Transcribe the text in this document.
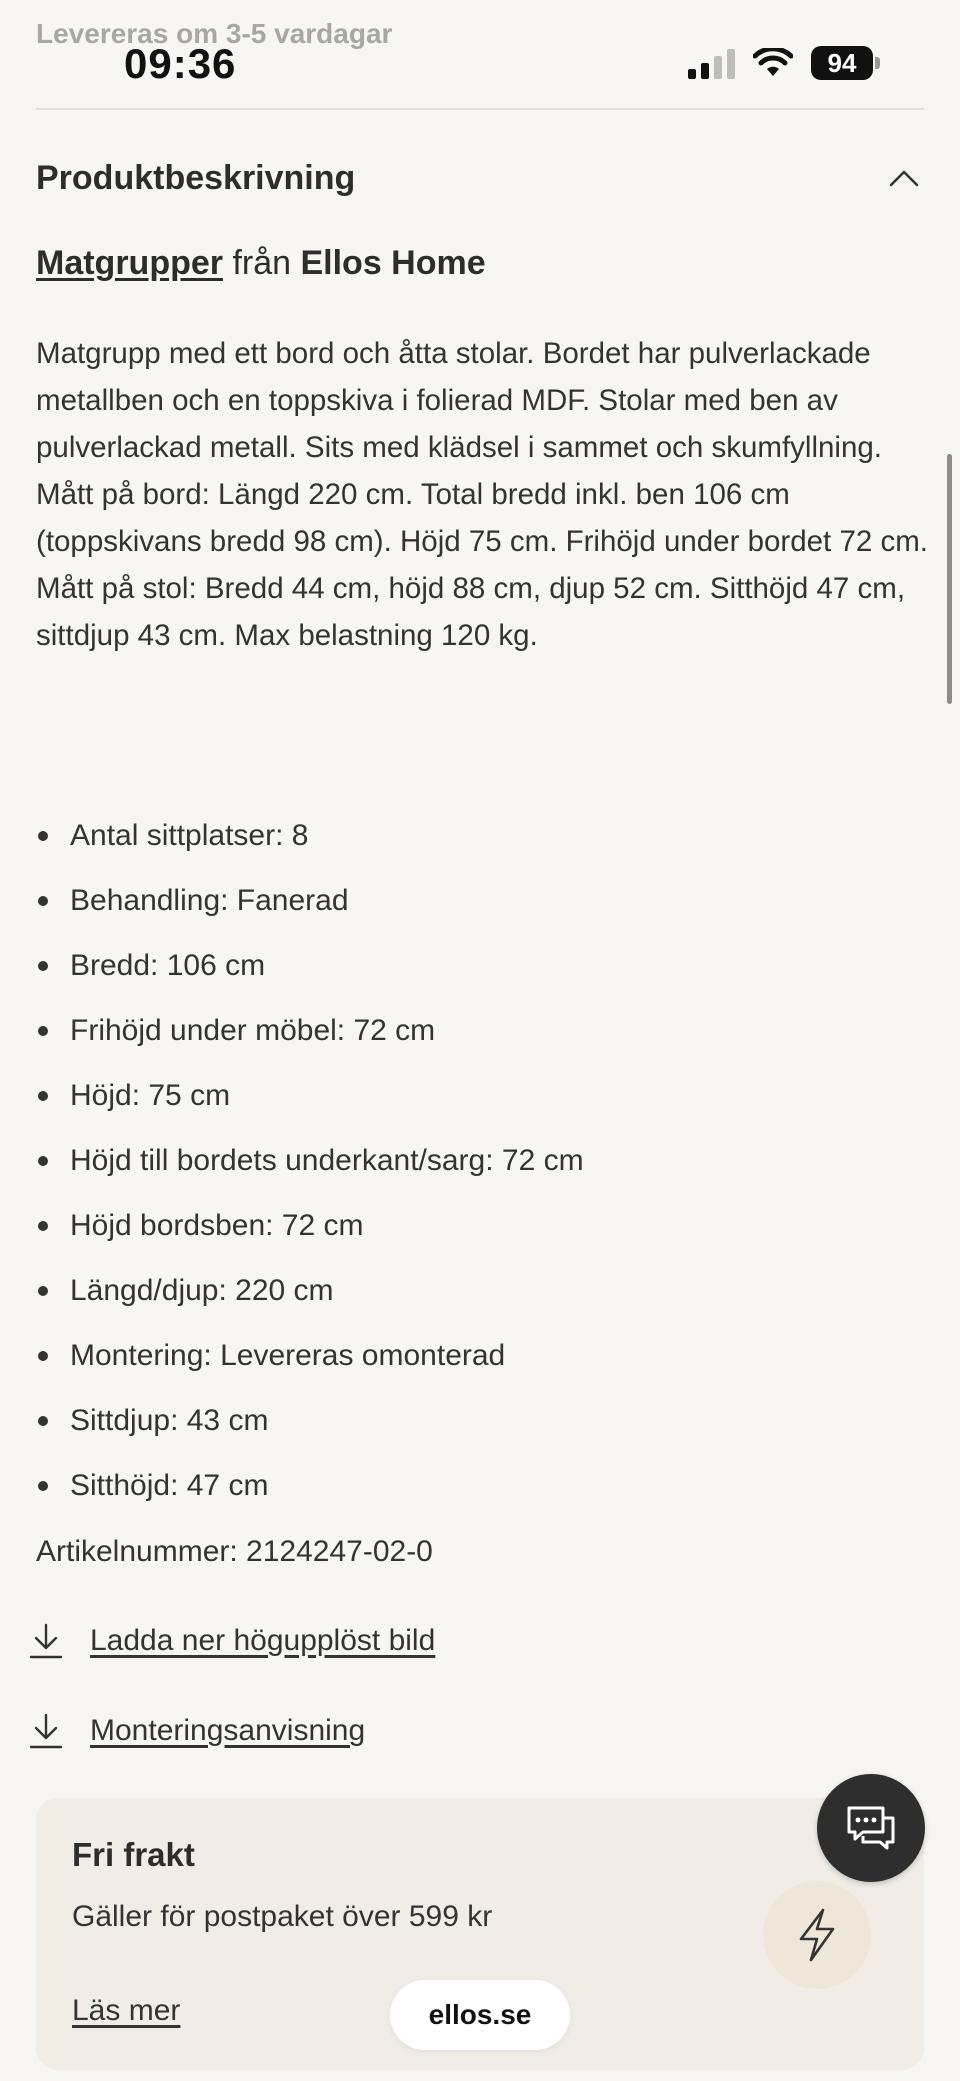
Levereras om 3-5 vardagar
09:36	94
Produktbeskrivning
Matgrupper från Ellos Home

Matgrupp med ett bord och åtta stolar. Bordet har pulverlackade metallben och en toppskiva i folierad MDF. Stolar med ben av pulverlackad metall. Sits med klädsel i sammet och skumfyllning.

Mått på bord: Längd 220 cm. Total bredd inkl. ben 106 cm (toppskivans bredd 98 cm). Höjd 75 cm. Frihöjd under bordet 72 cm.

Mått på stol: Bredd 44 cm, höjd 88 cm, djup 52 cm. Sitthöjd 47 cm, sittdjup 43 cm. Max belastning 120 kg.

Antal sittplatser: 8
Behandling: Fanerad
Bredd: 106 cm
Frihöjd under möbel: 72 cm
Höjd: 75 cm
Höjd till bordets underkant/sarg: 72 cm
Höjd bordsben: 72 cm
Längd/djup: 220 cm
Montering: Levereras omonterad
Sittdjup: 43 cm
Sitthöjd: 47 cm
Artikelnummer: 2124247-02-0
Ladda ner högupplöst bild
Monteringsanvisning
Fri frakt
Gäller för postpaket över 599 kr
Läs mer	ellos.se
